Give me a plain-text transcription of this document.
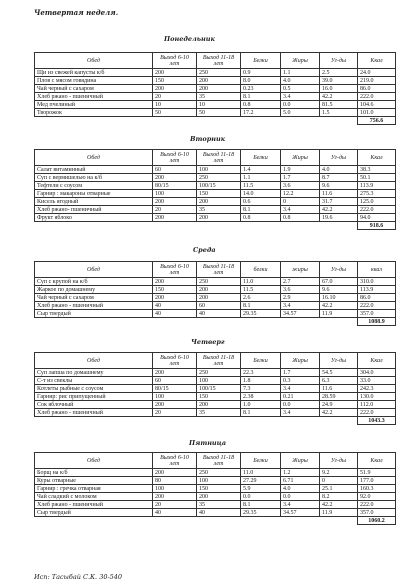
Четвертая неделя.
Понедельник
Обед	Выход 6-10 лет	Выход 11-18 лет	Белки	Жиры	Уг-ды	Ккал
Щи из свежей капусты к/б	200	250	0.9	1.1	2.5	24.0
Плов с мясом говядина	150	200	8.0	4.0	39.0	219.0
Чай черный с сахаром	200	200	0.23	0.5	16.0	86.0
Хлеб ржано - пшеничный	20	35	8.1	3.4	42.2	222.0
Мед пчелиный	10	10	0.8	0.0	81.5	104.6
Творожок	50	50	17.2	5.0	1.5	101.0
						756.6
Вторник
Обед	Выход 6-10 лет	Выход 11-18 лет	Белки	Жиры	Уг-ды	Ккал
Салат витаминный	60	100	1.4	1.9	4.0	38.3
Суп с вермишелью на к/б	200	250	1.1	1.7	8.7	50.1
Тефтели с соусом	80/15	100/15	11.5	3.6	9.6	113.9
Гарнир : макароны отварные	100	150	14.0	12.2	11.6	275.3
Кисель ягодный	200	200	0.6	0	31.7	125.0
Хлеб ржано- пшеничный	20	35	8.1	3.4	42.2	222.0
Фрукт яблоко	200	200	0.8	0.8	19.6	94.0
						918.6
Среда
Обед	Выход 6-10 лет	Выход 11-18 лет	белки	жиры	Уг-ды	ккал
Суп с крупой на к/б	200	250	11.0	2.7	67.0	310.0
Жаркое по домашнему	150	200	11.5	3.6	9.6	113.9
Чай черный с сахаром	200	200	2.6	2.9	16.10	86.0
Хлеб ржано - пшеничный	40	60	8.1	3.4	42.2	222.0
Сыр твердый	40	40	29.35	34.57	11.9	357.0
						1088.9
Четверг
Обед	Выход 6-10 лет	Выход 11-18 лет	Белки	Жиры	Уг-ды	Ккал
Суп лапша по домашнему	200	250	22.3	1.7	54.5	304.0
С-т из свеклы	60	100	1.8	0.3	6.3	33.0
Котлеты рыбные с соусом	80/15	100/15	7.3	3.4	11.6	242.3
Гарнир: рис припущенный	100	150	2.38	0.21	28.59	130.0
Сок яблочный	200	200	1.0	0.0	24.9	112.0
Хлеб ржано - пшеничный	20	35	8.1	3.4	42.2	222.0
						1043.3
Пятница
Обед	Выход 6-10 лет	Выход 11-18 лет	Белки	Жиры	Уг-ды	Ккал
Борщ на к/б	200	250	11.0	1.2	9.2	51.9
Куры отварные	80	100	27.29	6.71	0	177.0
Гарнир : гречка отварная	100	150	5.9	4.0	25.1	160.3
Чай сладкий с молоком	200	200	0.0	0.0	8.2	92.0
Хлеб ржано - пшеничный	20	35	8.1	3.4	42.2	222.0
Сыр твердый	40	40	29.35	34.57	11.9	357.0
						1060.2
Исп: Тасыбай С.К. 30-540
